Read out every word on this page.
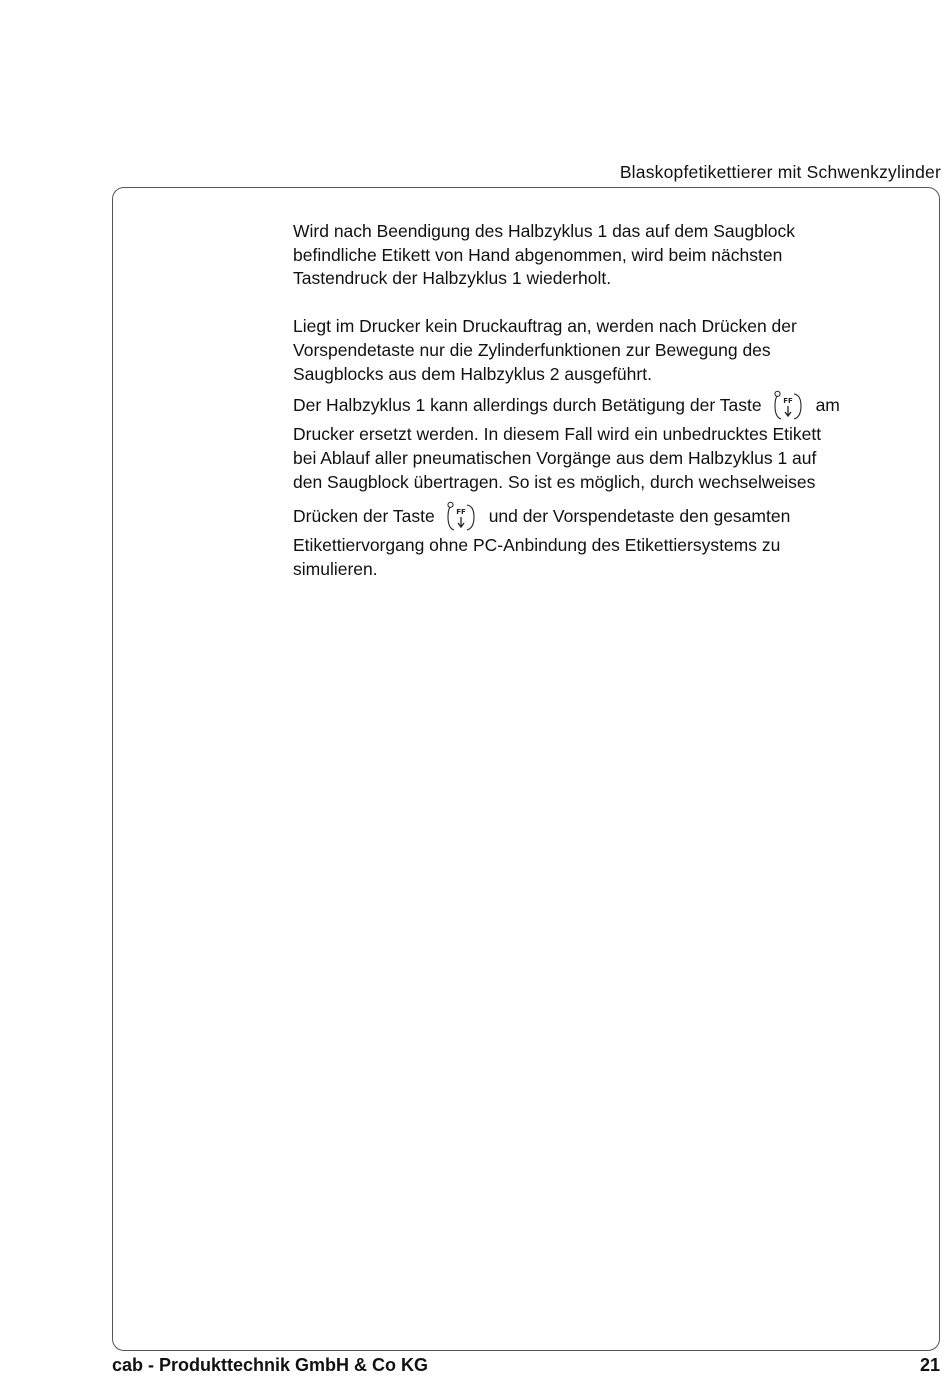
Blaskopfetikettierer mit Schwenkzylinder

Wird nach Beendigung des Halbzyklus 1 das auf dem Saugblock

befindliche Etikett von Hand abgenommen, wird beim nächsten

Tastendruck der Halbzyklus 1 wiederholt.

Liegt im Drucker kein Druckauftrag an, werden nach Drücken der

Vorspendetaste nur die Zylinderfunktionen zur Bewegung des

Saugblocks aus dem Halbzyklus 2 ausgeführt.

Der Halbzyklus 1 kann allerdings durch Betätigung der Taste	FF am

Drucker ersetzt werden. In diesem Fall wird ein unbedrucktes Etikett

bei Ablauf aller pneumatischen Vorgänge aus dem Halbzyklus 1 auf

den Saugblock übertragen. So ist es möglich, durch wechselweises

Drücken der Taste	FF und der Vorspendetaste den gesamten

Etikettiervorgang ohne PC-Anbindung des Etikettiersystems zu

simulieren.

cab - Produkttechnik GmbH & Co KG	21
